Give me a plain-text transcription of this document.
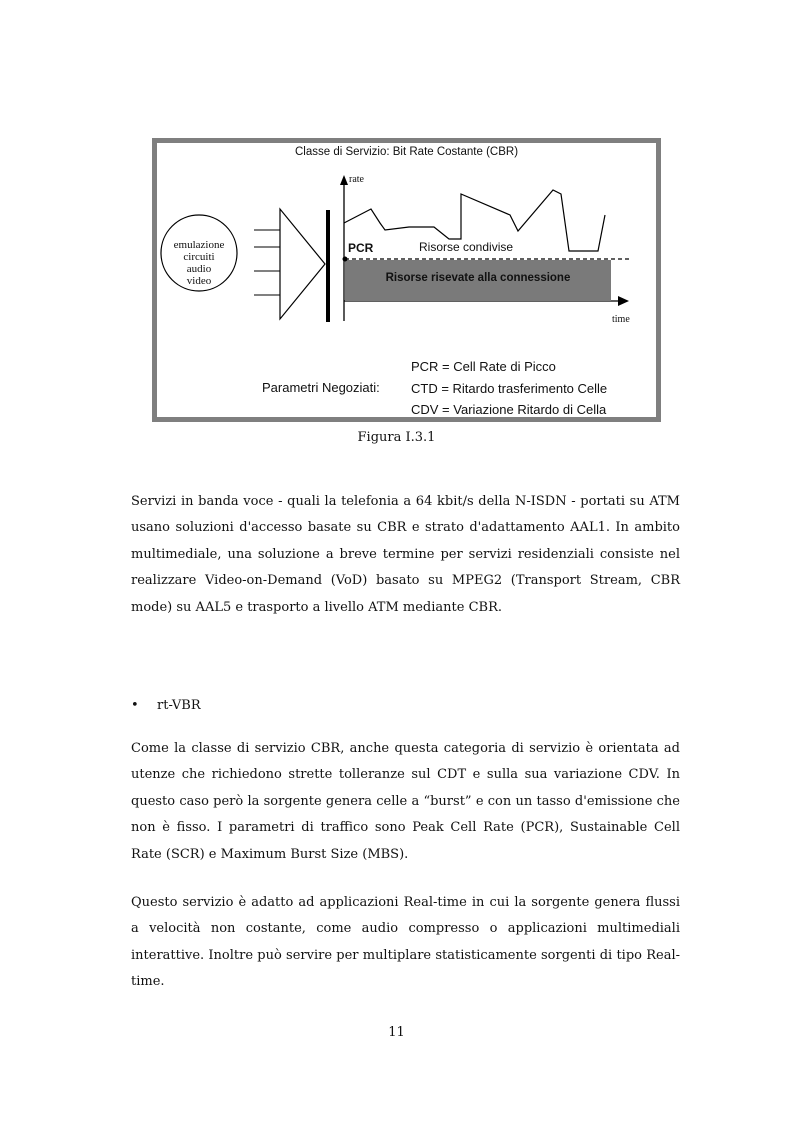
Classe di Servizio: Bit Rate Costante (CBR)
emulazione
circuiti
audio
video
rate
time
PCR	Risorse condivise
Risorse risevate alla connessione
Parametri Negoziati:
PCR = Cell Rate di Picco
CTD = Ritardo trasferimento Celle
CDV = Variazione Ritardo di Cella
Figura I.3.1

Servizi in banda voce - quali la telefonia a 64 kbit/s della N-ISDN - portati su ATM usano soluzioni d'accesso basate su CBR e strato d'adattamento AAL1. In ambito multimediale, una soluzione a breve termine per servizi residenziali consiste nel realizzare Video-on-Demand (VoD) basato su MPEG2 (Transport Stream, CBR mode) su AAL5 e trasporto a livello ATM mediante CBR.

• rt-VBR

Come la classe di servizio CBR, anche questa categoria di servizio è orientata ad utenze che richiedono strette tolleranze sul CDT e sulla sua variazione CDV. In questo caso però la sorgente genera celle a “burst” e con un tasso d'emissione che non è fisso. I parametri di traffico sono Peak Cell Rate (PCR), Sustainable Cell Rate (SCR) e Maximum Burst Size (MBS).

Questo servizio è adatto ad applicazioni Real-time in cui la sorgente genera flussi a velocità non costante, come audio compresso o applicazioni multimediali interattive. Inoltre può servire per multiplare statisticamente sorgenti di tipo Real-time.

11
